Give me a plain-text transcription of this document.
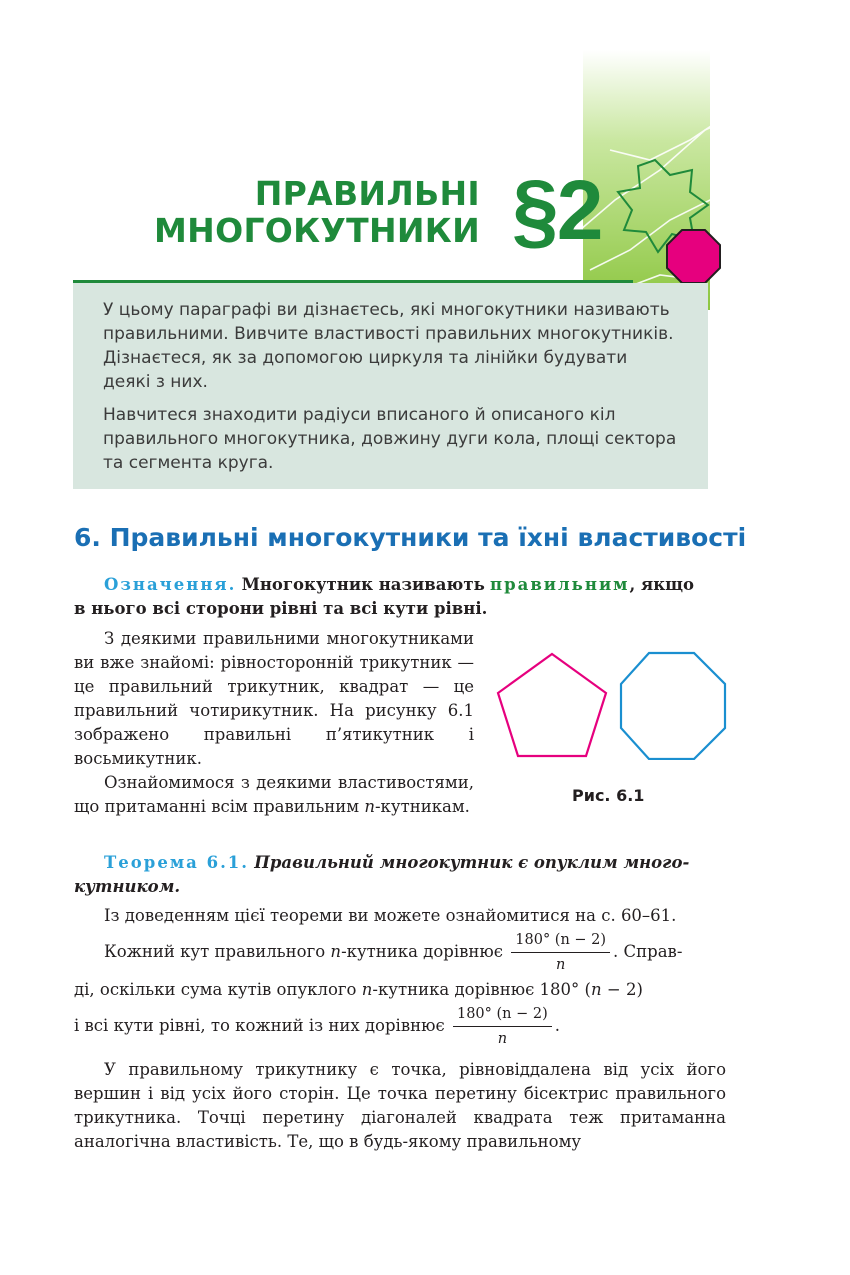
ПРАВИЛЬНІ
МНОГОКУТНИКИ §2

У цьому параграфі ви дізнаєтесь, які многокутники називають правильними. Вивчите властивості правильних многокутників. Дізнаєтеся, як за допомогою циркуля та лінійки будувати деякі з них.

Навчитеся знаходити радіуси вписаного й описаного кіл правильного многокутника, довжину дуги кола, площі сектора та сегмента круга.

6. Правильні многокутники та їхні властивості
Означення. Многокутник називають правильним, якщо
в нього всі сторони рівні та всі кути рівні.
З деякими правильними многокутниками ви вже знайомі: рівносторонній трикутник — це правильний трикутник, квадрат — це правильний чотирикутник. На рисунку 6.1 зображено правильні п’ятикутник і восьмикутник.
Ознайомимося з деякими властивостями, що притаманні всім правильним n-кутникам.
Рис. 6.1
Теорема 6.1. Правильний многокутник є опуклим много-
кутником.
Із доведенням цієї теореми ви можете ознайомитися на с. 60–61.
Кожний кут правильного n-кутника дорівнює $\frac{180^\circ (n - 2)}{n}$ . Справ-
ді, оскільки сума кутів опуклого n-кутника дорівнює 180° (n − 2)
і всі кути рівні, то кожний із них дорівнює $\frac{180^\circ (n - 2)}{n}$ .
У правильному трикутнику є точка, рівновіддалена від усіх його вершин і від усіх його сторін. Це точка перетину бісектрис правильного трикутника. Точці перетину діагоналей квадрата теж притаманна аналогічна властивість. Те, що в будь-якому правильному
